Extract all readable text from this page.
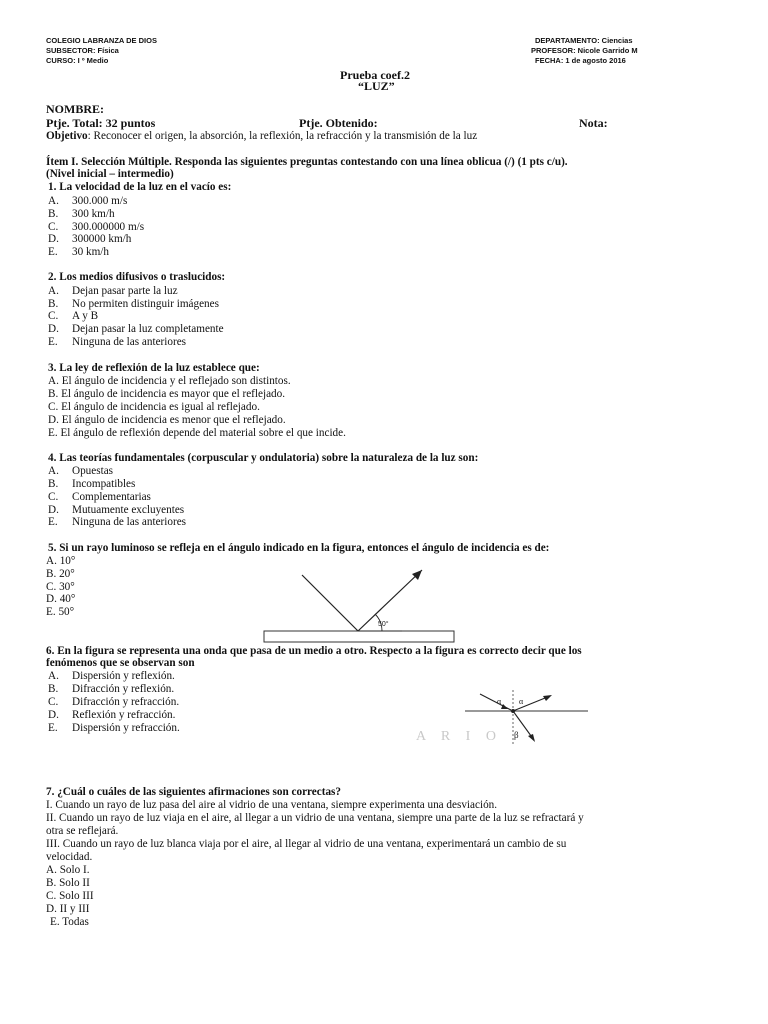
COLEGIO LABRANZA DE DIOS
SUBSECTOR: Física
CURSO: I º Medio
DEPARTAMENTO: Ciencias
PROFESOR: Nicole Garrido M
FECHA: 1 de agosto 2016
Prueba coef.2
“LUZ”
NOMBRE:
Ptje. Total: 32 puntos	Ptje. Obtenido:	Nota:
Objetivo: Reconocer el origen, la absorción, la reflexión, la refracción y la transmisión de la luz
Ítem I. Selección Múltiple. Responda las siguientes preguntas contestando con una línea oblicua (/) (1 pts c/u).
(Nivel inicial – intermedio)
1. La velocidad de la luz en el vacío es:
A. 300.000 m/s
B. 300 km/h
C. 300.000000 m/s
D. 300000 km/h
E. 30 km/h
2. Los medios difusivos o traslucidos:
A. Dejan pasar parte la luz
B. No permiten distinguir imágenes
C. A y B
D. Dejan pasar la luz completamente
E. Ninguna de las anteriores
3. La ley de reflexión de la luz establece que:
A. El ángulo de incidencia y el reflejado son distintos.
B. El ángulo de incidencia es mayor que el reflejado.
C. El ángulo de incidencia es igual al reflejado.
D. El ángulo de incidencia es menor que el reflejado.
E. El ángulo de reflexión depende del material sobre el que incide.
4. Las teorías fundamentales (corpuscular y ondulatoria) sobre la naturaleza de la luz son:
A. Opuestas
B. Incompatibles
C. Complementarias
D. Mutuamente excluyentes
E. Ninguna de las anteriores
5. Si un rayo luminoso se refleja en el ángulo indicado en la figura, entonces el ángulo de incidencia es de:
A. 10°
B. 20°
C. 30°
D. 40°
E. 50°
50°
6. En la figura se representa una onda que pasa de un medio a otro. Respecto a la figura es correcto decir que los
fenómenos que se observan son
A. Dispersión y reflexión.
B. Difracción y reflexión.
C. Difracción y refracción.
D. Reflexión y refracción.
E. Dispersión y refracción.
A R I O
α α
β
7. ¿Cuál o cuáles de las siguientes afirmaciones son correctas?
I. Cuando un rayo de luz pasa del aire al vidrio de una ventana, siempre experimenta una desviación.
II. Cuando un rayo de luz viaja en el aire, al llegar a un vidrio de una ventana, siempre una parte de la luz se refractará y
otra se reflejará.
III. Cuando un rayo de luz blanca viaja por el aire, al llegar al vidrio de una ventana, experimentará un cambio de su
velocidad.
A. Solo I.
B. Solo II
C. Solo III
D. II y III
E. Todas
